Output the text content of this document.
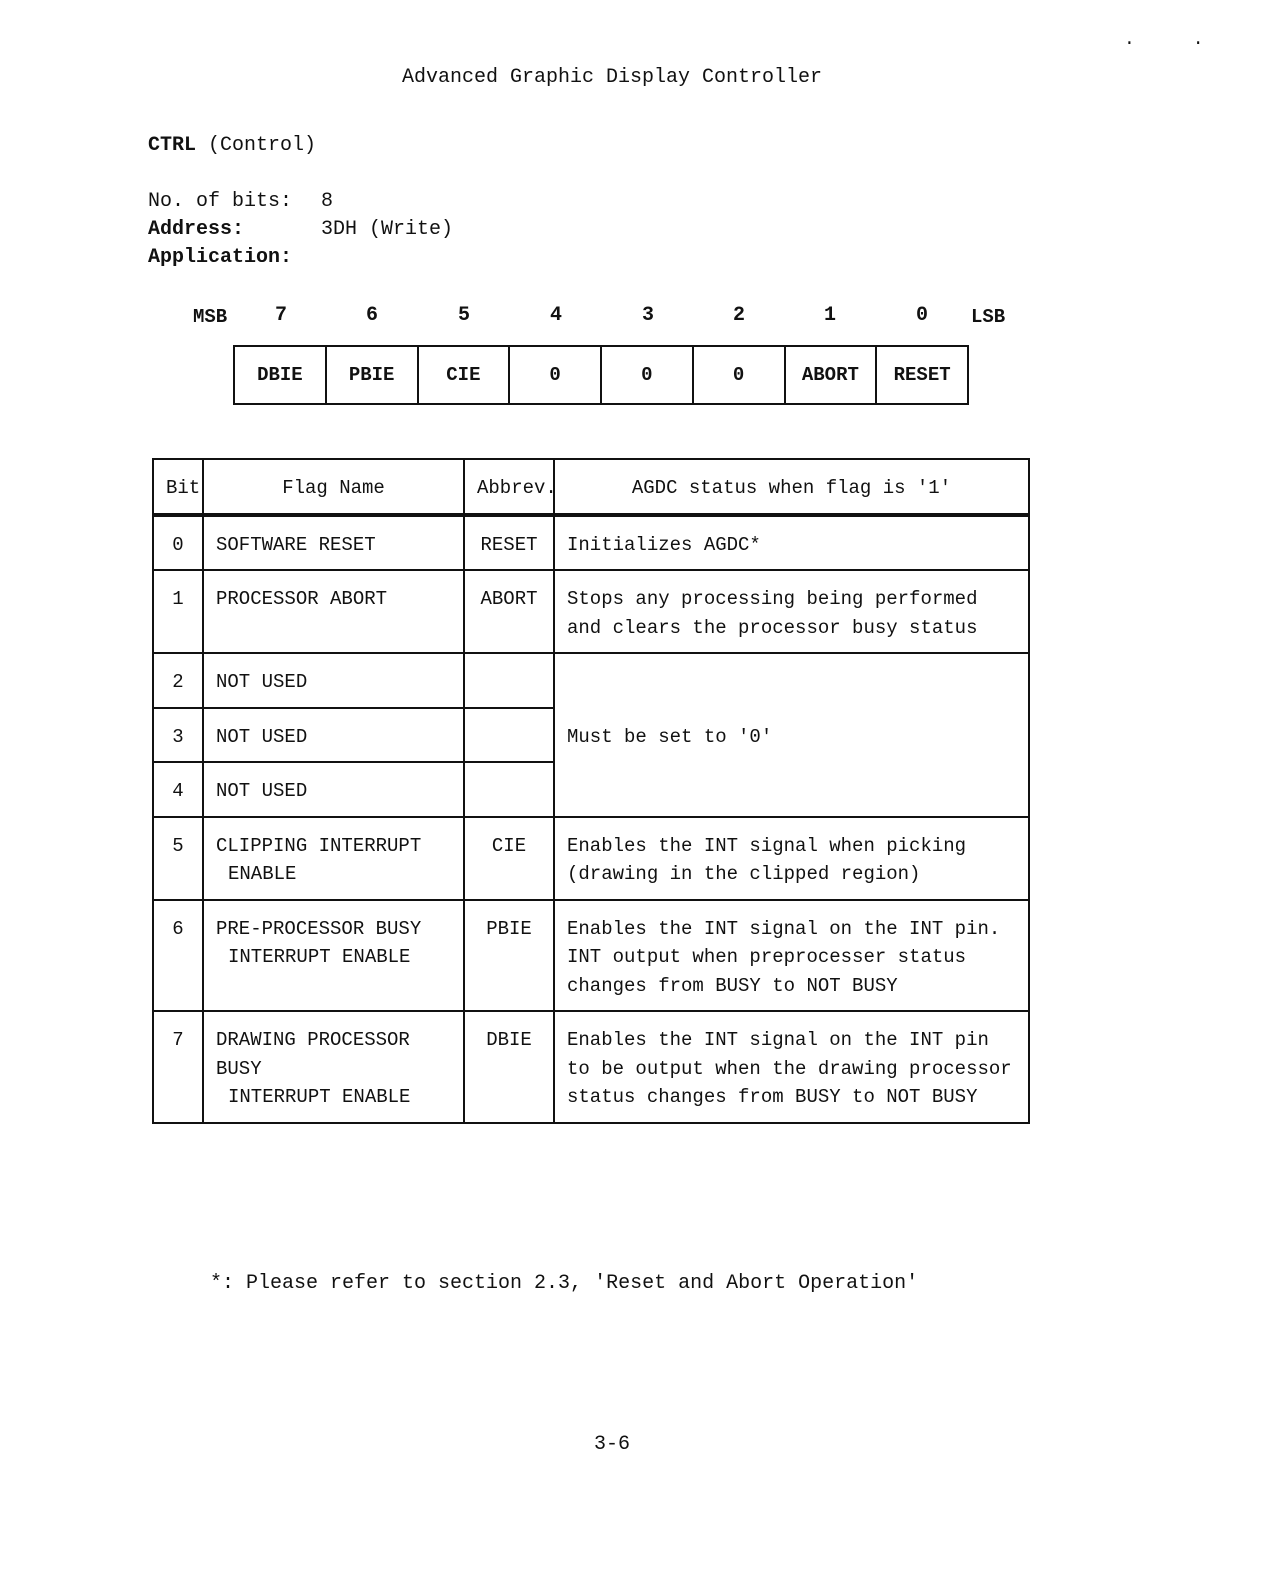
..
Advanced Graphic Display Controller
CTRL (Control)
No. of bits: 8
Address:	3DH (Write)
Application:
MSB	LSB
7	6	5	4	3	2	1	0
DBIE	PBIE	CIE	0	0	0	ABORT	RESET
Bit	Flag Name	Abbrev.	AGDC status when flag is '1'
0	SOFTWARE RESET	RESET	Initializes AGDC*
1	PROCESSOR ABORT	ABORT	Stops any processing being performed and clears the processor busy status
2	NOT USED		Must be set to '0'
3	NOT USED		
4	NOT USED		
5	CLIPPING INTERRUPT
ENABLE	CIE	Enables the INT signal when picking (drawing in the clipped region)
6	PRE-PROCESSOR BUSY
INTERRUPT ENABLE	PBIE	Enables the INT signal on the INT pin. INT output when preprocesser status changes from BUSY to NOT BUSY
7	DRAWING PROCESSOR BUSY
INTERRUPT ENABLE	DBIE	Enables the INT signal on the INT pin to be output when the drawing processor status changes from BUSY to NOT BUSY
*: Please refer to section 2.3, 'Reset and Abort Operation'
3-6
